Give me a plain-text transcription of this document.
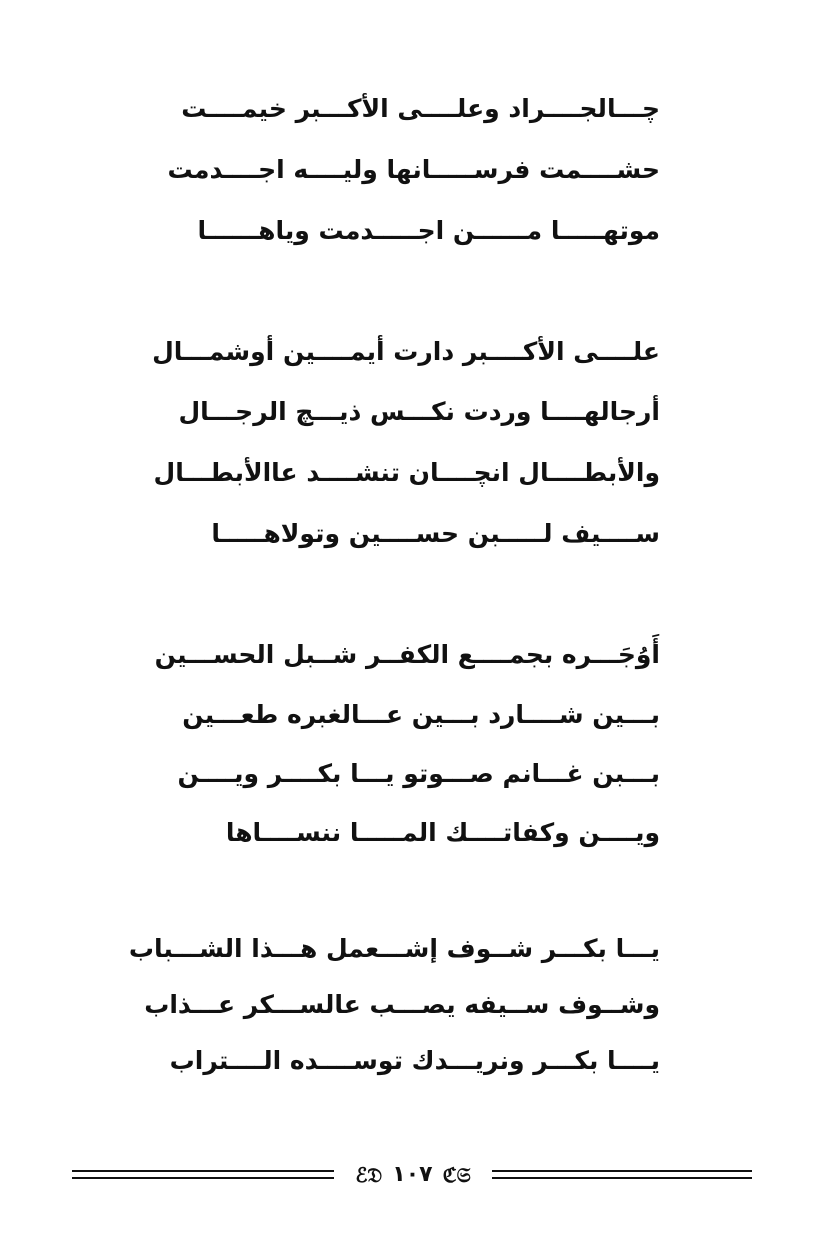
چـــالجــــراد وعلــــى الأكـــبر خيمــــت
حشــــمت فرســـــانها وليــــه اجــــدمت
موتهـــــا مــــــن اجـــــدمت وياهــــــا
علــــى الأكــــبر دارت أيمــــين أوشمـــال
أرجالهــــا وردت نكـــس ذيـــچ الرجـــال
والأبطــــال انچــــان تنشــــد عاالأبطـــال
ســــيف لـــــبن حســــين وتولاهـــــا
أَوُجَـــره بجمــــع الكفــر شــبل الحســـين
بـــين شــــارد بـــين عـــالغبره طعـــين
بـــبن غـــانم صـــوتو يـــا بكــــر ويــــن
ويــــن وكفاتــــك المـــــا ننســــاها
يـــا بكـــر شــوف إشـــعمل هـــذا الشـــباب
وشــوف ســيفه يصـــب عالســـكر عـــذاب
يــــا بكـــر ونريـــدك توســــده الــــتراب
ℰ𝔇 ١٠٧ ℭ𝔖
